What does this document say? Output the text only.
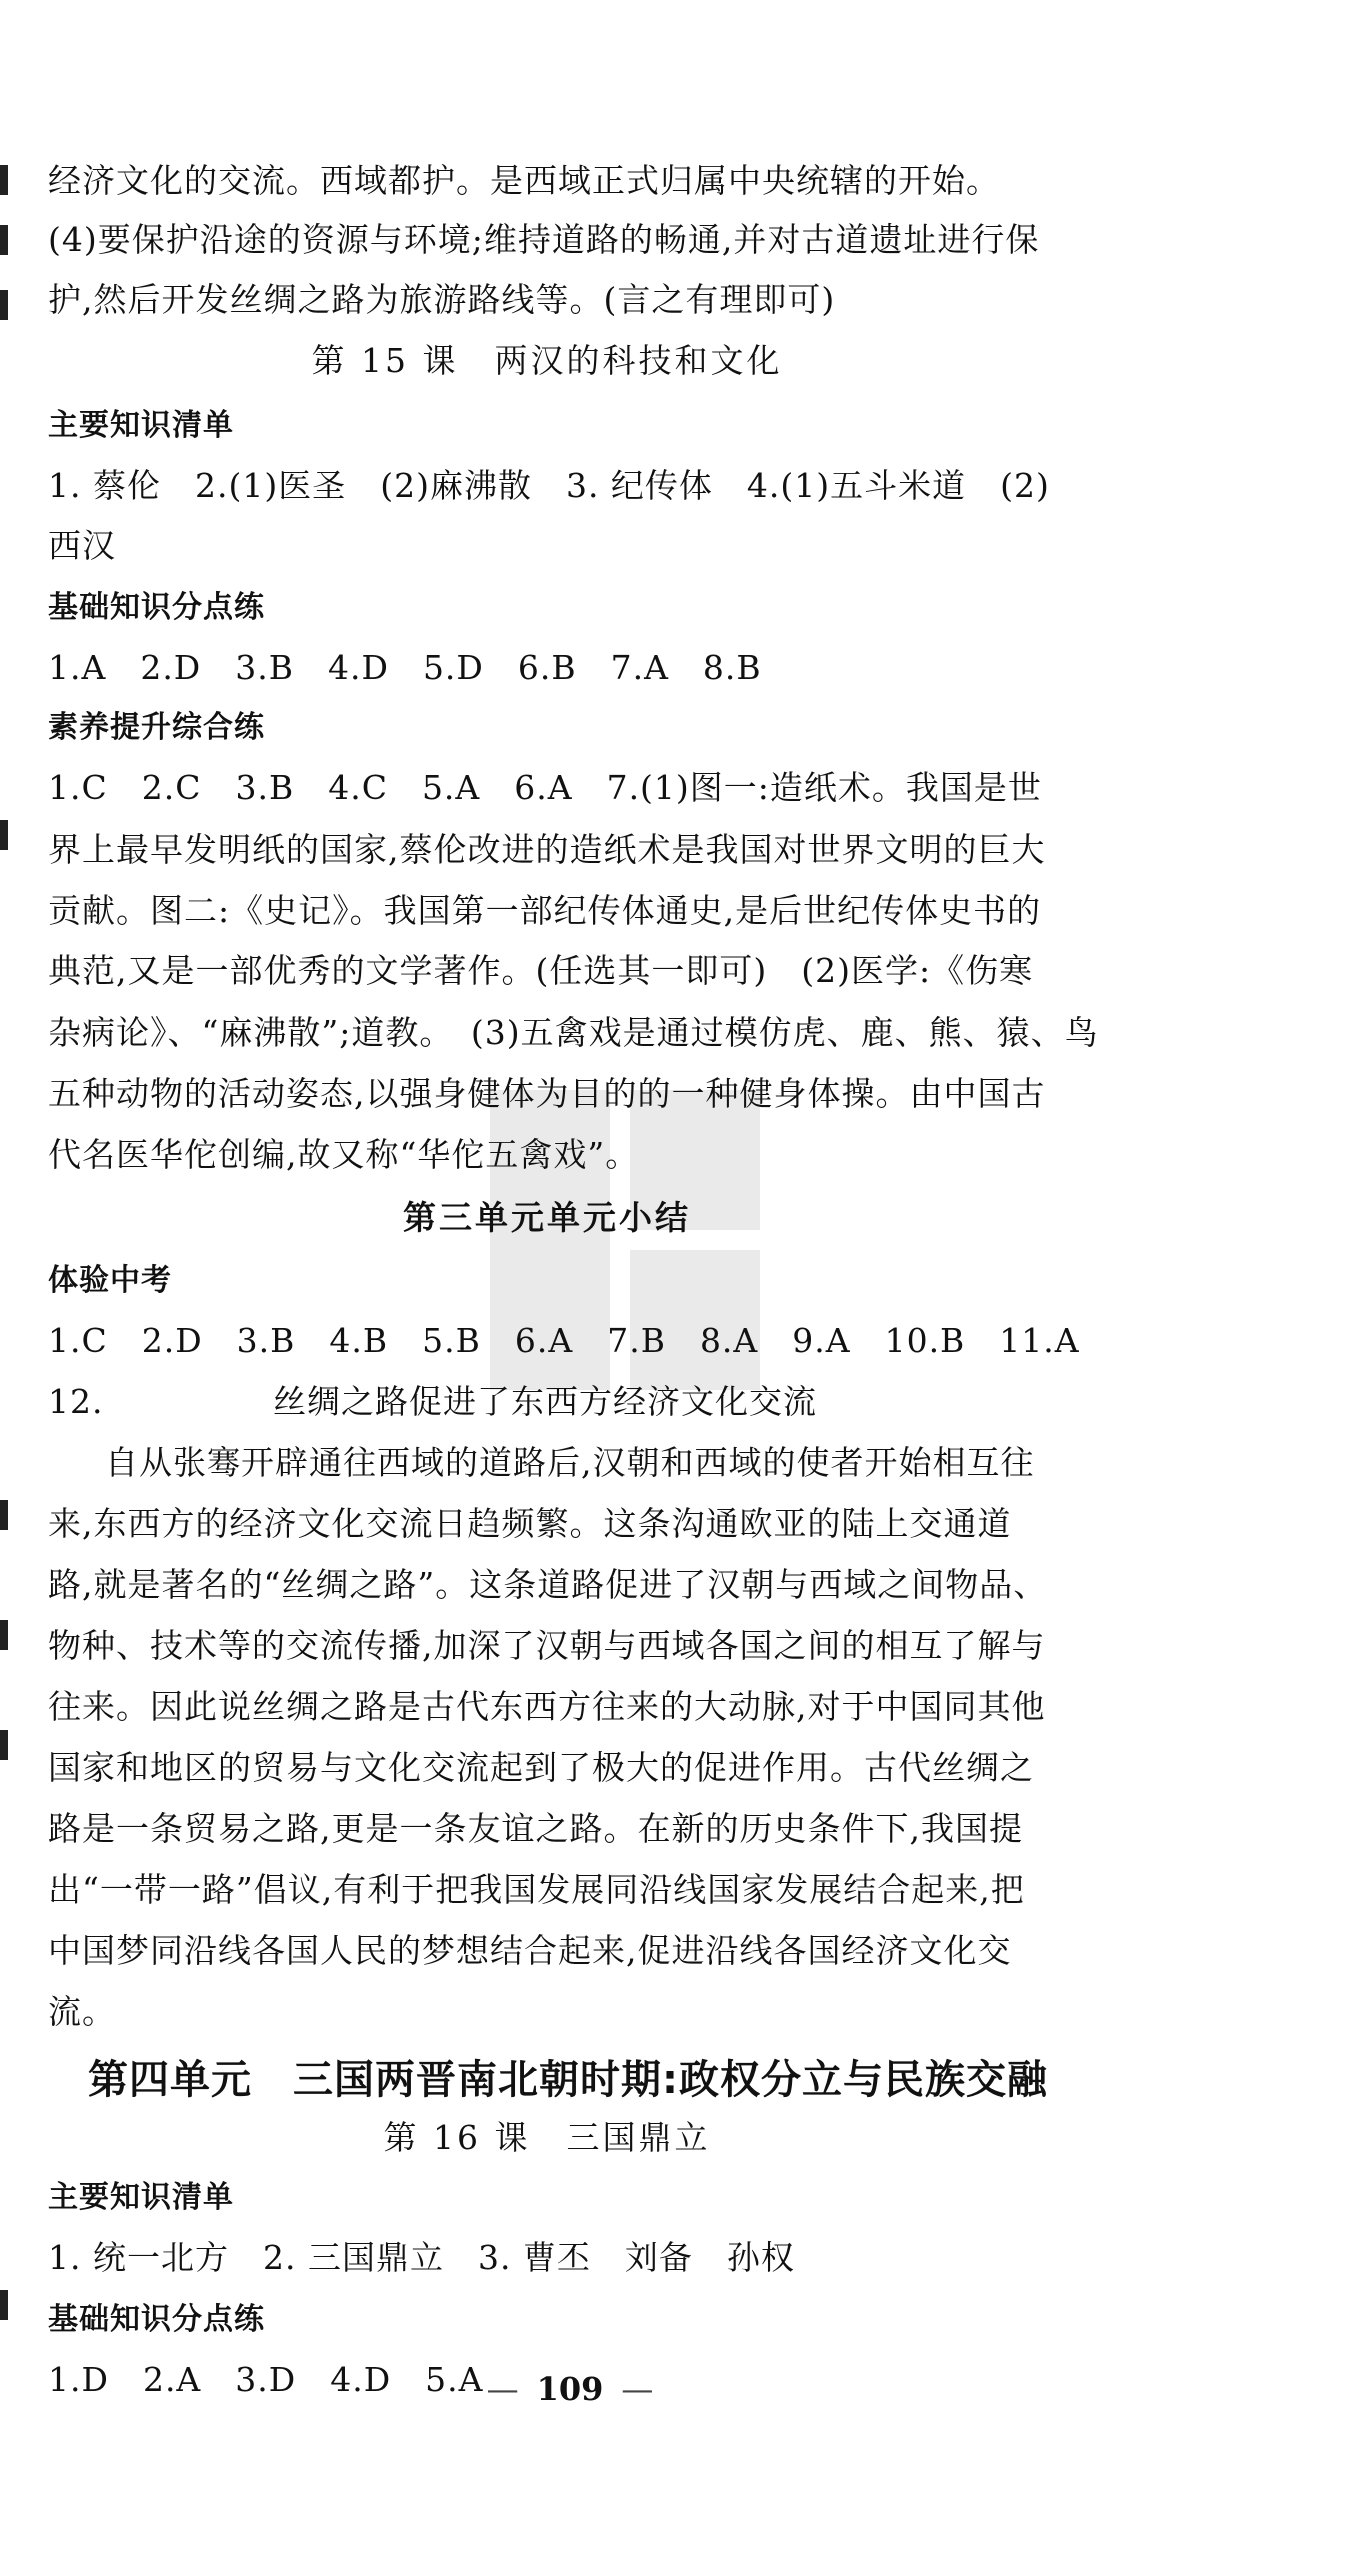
经济文化的交流。西域都护。是西域正式归属中央统辖的开始。
(4)要保护沿途的资源与环境;维持道路的畅通,并对古道遗址进行保
护,然后开发丝绸之路为旅游路线等。(言之有理即可)
第 15 课　两汉的科技和文化
主要知识清单
1. 蔡伦　2.(1)医圣　(2)麻沸散　3. 纪传体　4.(1)五斗米道　(2)
西汉
基础知识分点练
1.A　2.D　3.B　4.D　5.D　6.B　7.A　8.B
素养提升综合练
1.C　2.C　3.B　4.C　5.A　6.A　7.(1)图一:造纸术。我国是世
界上最早发明纸的国家,蔡伦改进的造纸术是我国对世界文明的巨大
贡献。图二:《史记》。我国第一部纪传体通史,是后世纪传体史书的
典范,又是一部优秀的文学著作。(任选其一即可)　(2)医学:《伤寒
杂病论》、“麻沸散”;道教。　(3)五禽戏是通过模仿虎、鹿、熊、猿、鸟
五种动物的活动姿态,以强身健体为目的的一种健身体操。由中国古
代名医华佗创编,故又称“华佗五禽戏”。
第三单元单元小结
体验中考
1.C　2.D　3.B　4.B　5.B　6.A　7.B　8.A　9.A　10.B　11.A
12.	丝绸之路促进了东西方经济文化交流
自从张骞开辟通往西域的道路后,汉朝和西域的使者开始相互往
来,东西方的经济文化交流日趋频繁。这条沟通欧亚的陆上交通道
路,就是著名的“丝绸之路”。这条道路促进了汉朝与西域之间物品、
物种、技术等的交流传播,加深了汉朝与西域各国之间的相互了解与
往来。因此说丝绸之路是古代东西方往来的大动脉,对于中国同其他
国家和地区的贸易与文化交流起到了极大的促进作用。古代丝绸之
路是一条贸易之路,更是一条友谊之路。在新的历史条件下,我国提
出“一带一路”倡议,有利于把我国发展同沿线国家发展结合起来,把
中国梦同沿线各国人民的梦想结合起来,促进沿线各国经济文化交
流。
第四单元　三国两晋南北朝时期:政权分立与民族交融
第 16 课　三国鼎立
主要知识清单
1. 统一北方　2. 三国鼎立　3. 曹丕　刘备　孙权
基础知识分点练
1.D　2.A　3.D　4.D　5.A — 109 —
